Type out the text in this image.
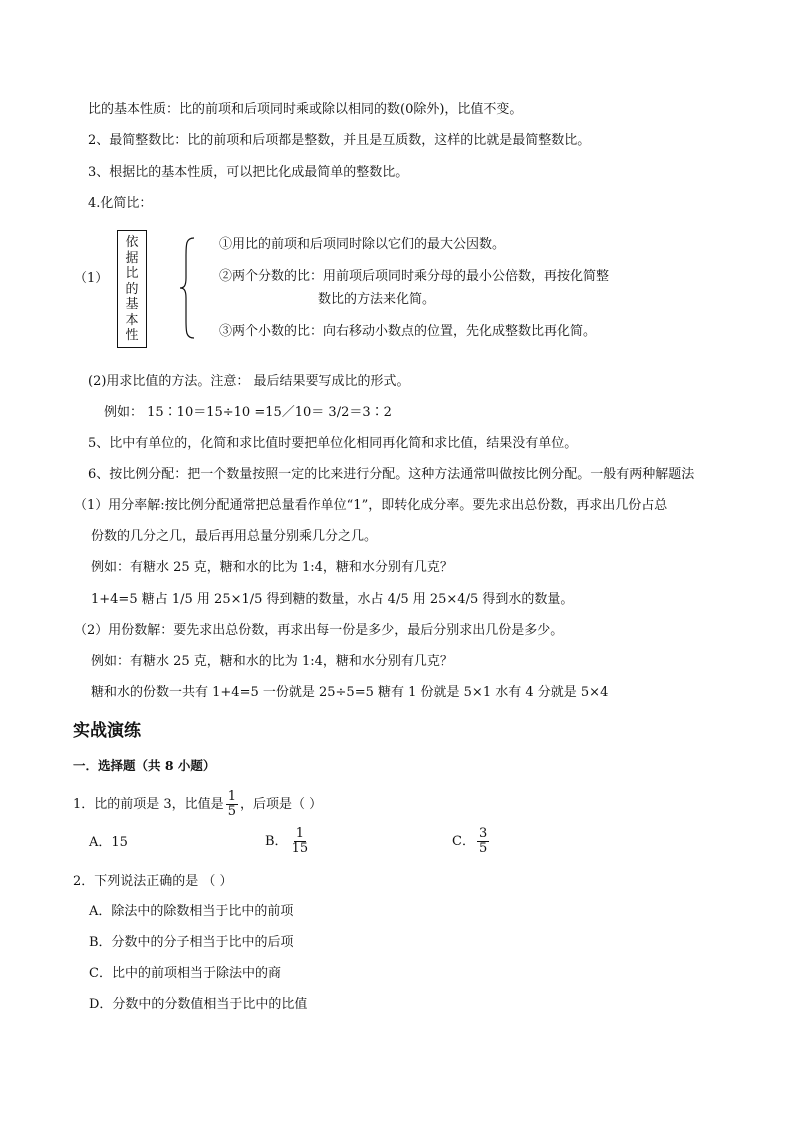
比的基本性质：比的前项和后项同时乘或除以相同的数(0除外)，比值不变。
2、最简整数比：比的前项和后项都是整数，并且是互质数，这样的比就是最简整数比。
3、根据比的基本性质，可以把比化成最简单的整数比。
4.化简比：
（1）
依
据
比
的
基
本
性
①用比的前项和后项同时除以它们的最大公因数。
②两个分数的比：用前项后项同时乘分母的最小公倍数，再按化简整
数比的方法来化简。
③两个小数的比：向右移动小数点的位置，先化成整数比再化简。
(2)用求比值的方法。注意： 最后结果要写成比的形式。
例如： 15∶10＝15÷10 =15／10＝ 3/2＝3∶2
5、比中有单位的，化简和求比值时要把单位化相同再化简和求比值，结果没有单位。
6、按比例分配：把一个数量按照一定的比来进行分配。这种方法通常叫做按比例分配。一般有两种解题法
（1）用分率解:按比例分配通常把总量看作单位“1”，即转化成分率。要先求出总份数，再求出几份占总
份数的几分之几，最后再用总量分别乘几分之几。
例如：有糖水 25 克，糖和水的比为 1:4，糖和水分别有几克？
1+4=5 糖占 1/5 用 25×1/5 得到糖的数量，水占 4/5 用 25×4/5 得到水的数量。
（2）用份数解：要先求出总份数，再求出每一份是多少，最后分别求出几份是多少。
例如：有糖水 25 克，糖和水的比为 1:4，糖和水分别有几克？
糖和水的份数一共有 1+4=5 一份就是 25÷5=5 糖有 1 份就是 5×1 水有 4 分就是 5×4
实战演练
一．选择题（共 8 小题）
1．比的前项是 3，比值是 $\frac{1}{5}$ ，后项是（ ）
A．15	B． $\frac{1}{15}$	C． $\frac{3}{5}$
2．下列说法正确的是 （ ）
A．除法中的除数相当于比中的前项
B．分数中的分子相当于比中的后项
C．比中的前项相当于除法中的商
D．分数中的分数值相当于比中的比值
